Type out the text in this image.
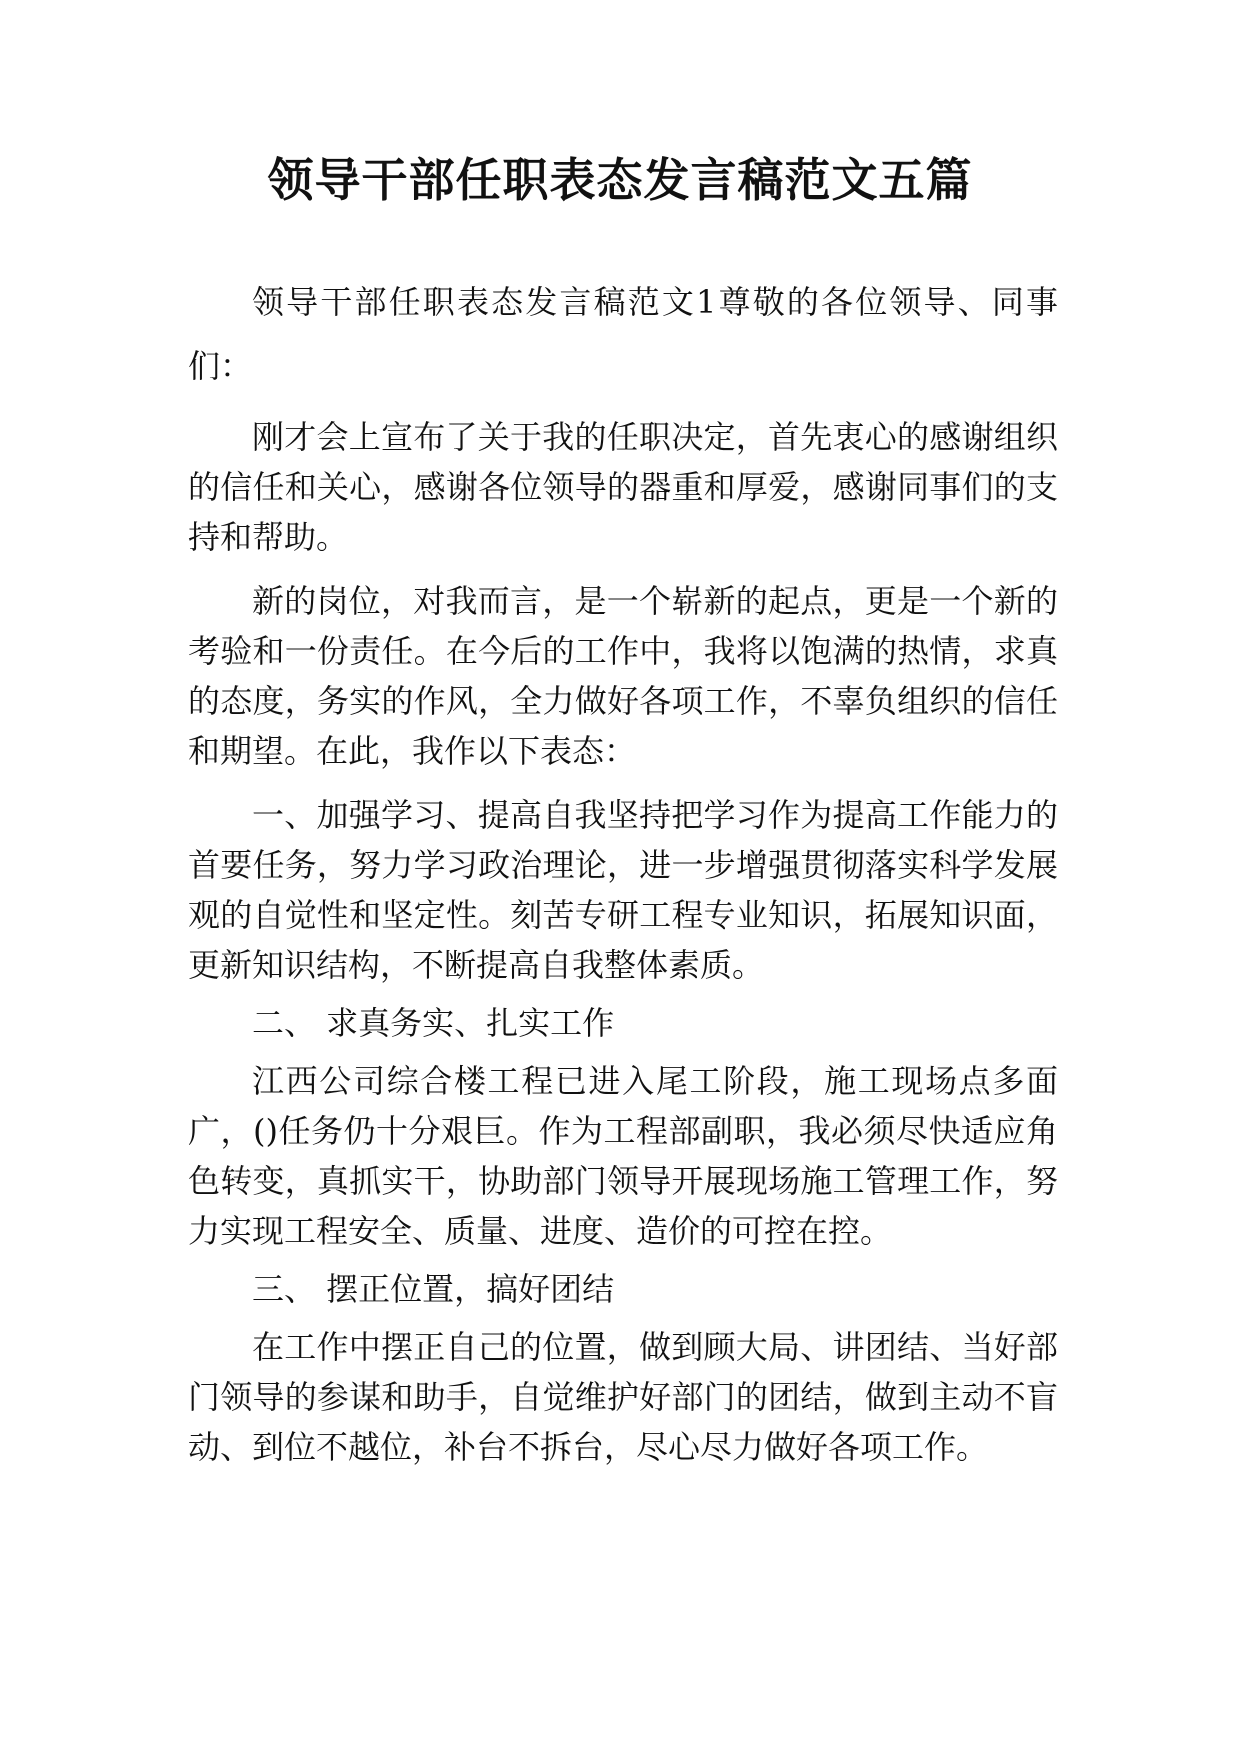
领导干部任职表态发言稿范文五篇

领导干部任职表态发言稿范文1尊敬的各位领导、同事们：

刚才会上宣布了关于我的任职决定，首先衷心的感谢组织的信任和关心，感谢各位领导的器重和厚爱，感谢同事们的支持和帮助。

新的岗位，对我而言，是一个崭新的起点，更是一个新的考验和一份责任。在今后的工作中，我将以饱满的热情，求真的态度，务实的作风，全力做好各项工作，不辜负组织的信任和期望。在此，我作以下表态：

一、加强学习、提高自我坚持把学习作为提高工作能力的首要任务，努力学习政治理论，进一步增强贯彻落实科学发展观的自觉性和坚定性。刻苦专研工程专业知识，拓展知识面，更新知识结构，不断提高自我整体素质。

二、 求真务实、扎实工作

江西公司综合楼工程已进入尾工阶段，施工现场点多面广，()任务仍十分艰巨。作为工程部副职，我必须尽快适应角色转变，真抓实干，协助部门领导开展现场施工管理工作，努力实现工程安全、质量、进度、造价的可控在控。

三、 摆正位置，搞好团结

在工作中摆正自己的位置，做到顾大局、讲团结、当好部门领导的参谋和助手，自觉维护好部门的团结，做到主动不盲动、到位不越位，补台不拆台，尽心尽力做好各项工作。
